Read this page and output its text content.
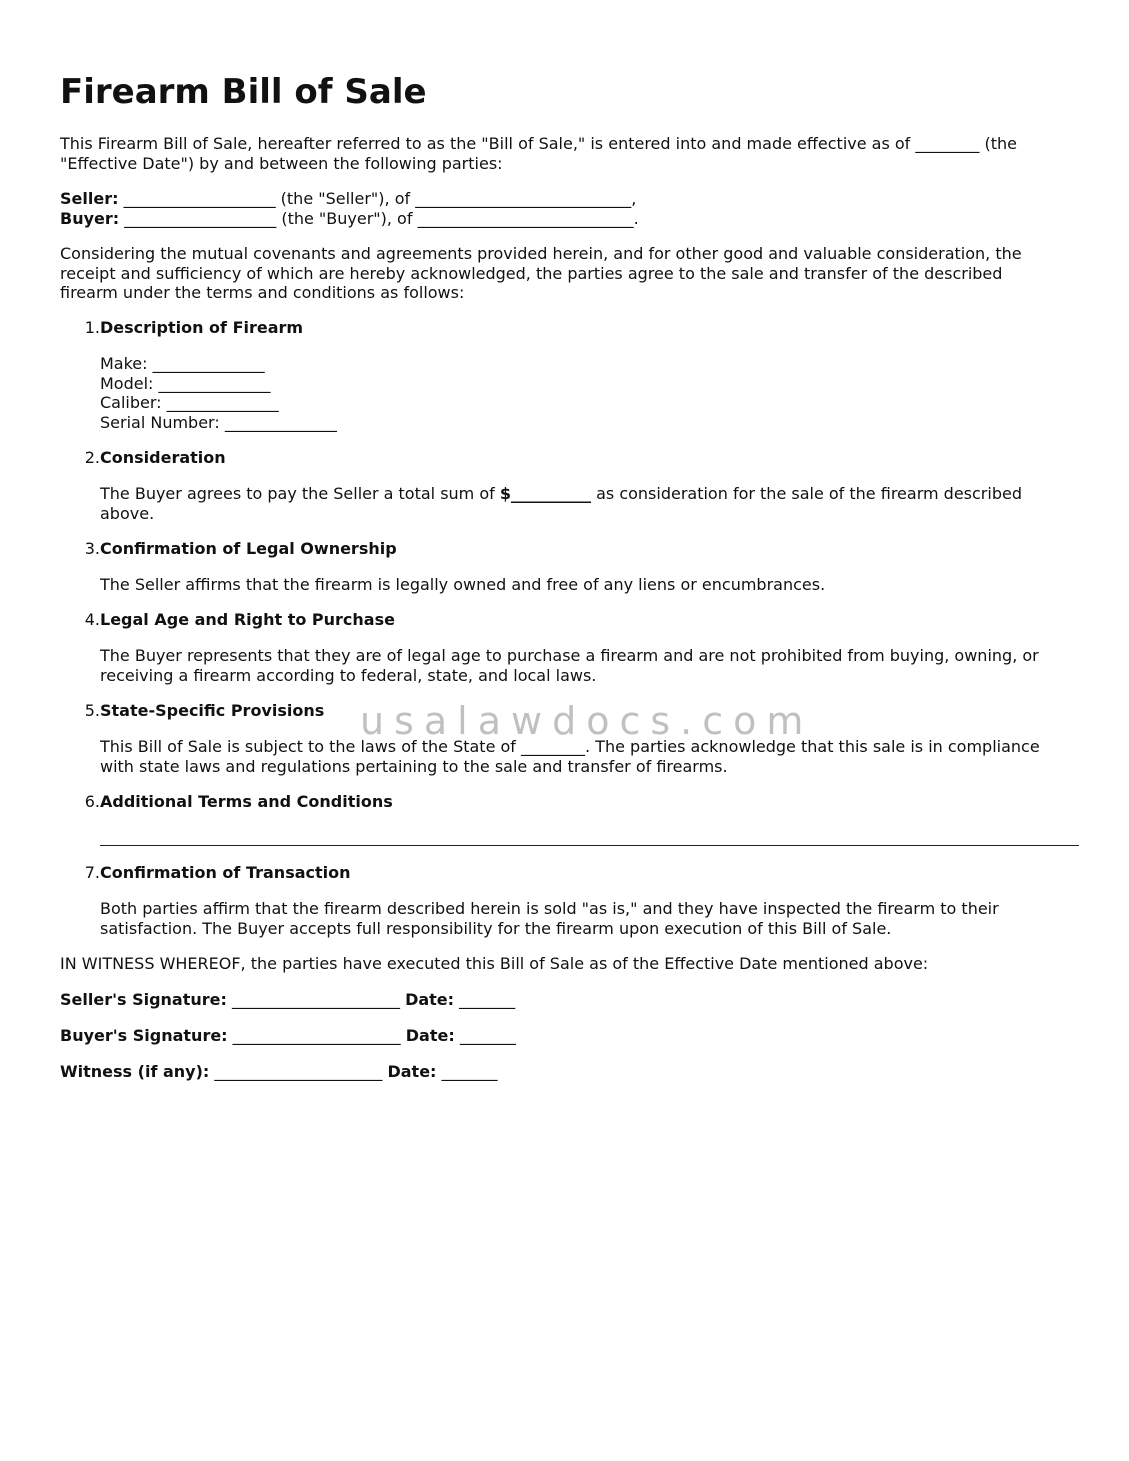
Firearm Bill of Sale

This Firearm Bill of Sale, hereafter referred to as the "Bill of Sale," is entered into and made effective as of ________ (the "Effective Date") by and between the following parties:

Seller: ___________________ (the "Seller"), of ___________________________,
Buyer: ___________________ (the "Buyer"), of ___________________________.

Considering the mutual covenants and agreements provided herein, and for other good and valuable consideration, the receipt and sufficiency of which are hereby acknowledged, the parties agree to the sale and transfer of the described firearm under the terms and conditions as follows:

1. Description of Firearm
Make: ______________
Model: ______________
Caliber: ______________
Serial Number: ______________
2. Consideration

The Buyer agrees to pay the Seller a total sum of $__________ as consideration for the sale of the firearm described above.

3. Confirmation of Legal Ownership

The Seller affirms that the firearm is legally owned and free of any liens or encumbrances.

4. Legal Age and Right to Purchase

The Buyer represents that they are of legal age to purchase a firearm and are not prohibited from buying, owning, or receiving a firearm according to federal, state, and local laws.

5. State-Specific Provisions

This Bill of Sale is subject to the laws of the State of ________. The parties acknowledge that this sale is in compliance with state laws and regulations pertaining to the sale and transfer of firearms.

6. Additional Terms and Conditions
7. Confirmation of Transaction

Both parties affirm that the firearm described herein is sold "as is," and they have inspected the firearm to their satisfaction. The Buyer accepts full responsibility for the firearm upon execution of this Bill of Sale.

IN WITNESS WHEREOF, the parties have executed this Bill of Sale as of the Effective Date mentioned above:

Seller's Signature: _____________________ Date: _______
Buyer's Signature: _____________________ Date: _______
Witness (if any): _____________________ Date: _______
usalawdocs.com
